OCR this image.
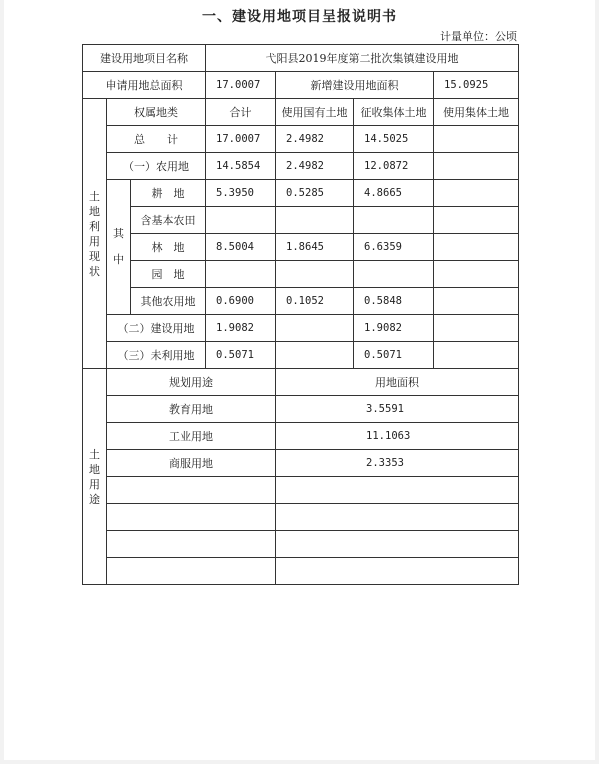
一、建设用地项目呈报说明书
计量单位：公顷
建设用地项目名称			弋阳县2019年度第二批次集镇建设用地			
申请用地总面积			17.0007	新增建设用地面积		15.0925
土地利用现状	权属地类		合计	使用国有土地	征收集体土地	使用集体土地
	总　　计		17.0007	2.4982	14.5025	
	（一）农用地		14.5854	2.4982	12.0872	
	其中	耕　地	5.3950	0.5285	4.8665	
		含基本农田				
		林　地	8.5004	1.8645	6.6359	
		园　地				
		其他农用地	0.6900	0.1052	0.5848	
	（二）建设用地		1.9082		1.9082	
	（三）未利用地		0.5071		0.5071	
土地用途	规划用途			用地面积		
	教育用地			3.5591		
	工业用地			11.1063		
	商服用地			2.3353		
